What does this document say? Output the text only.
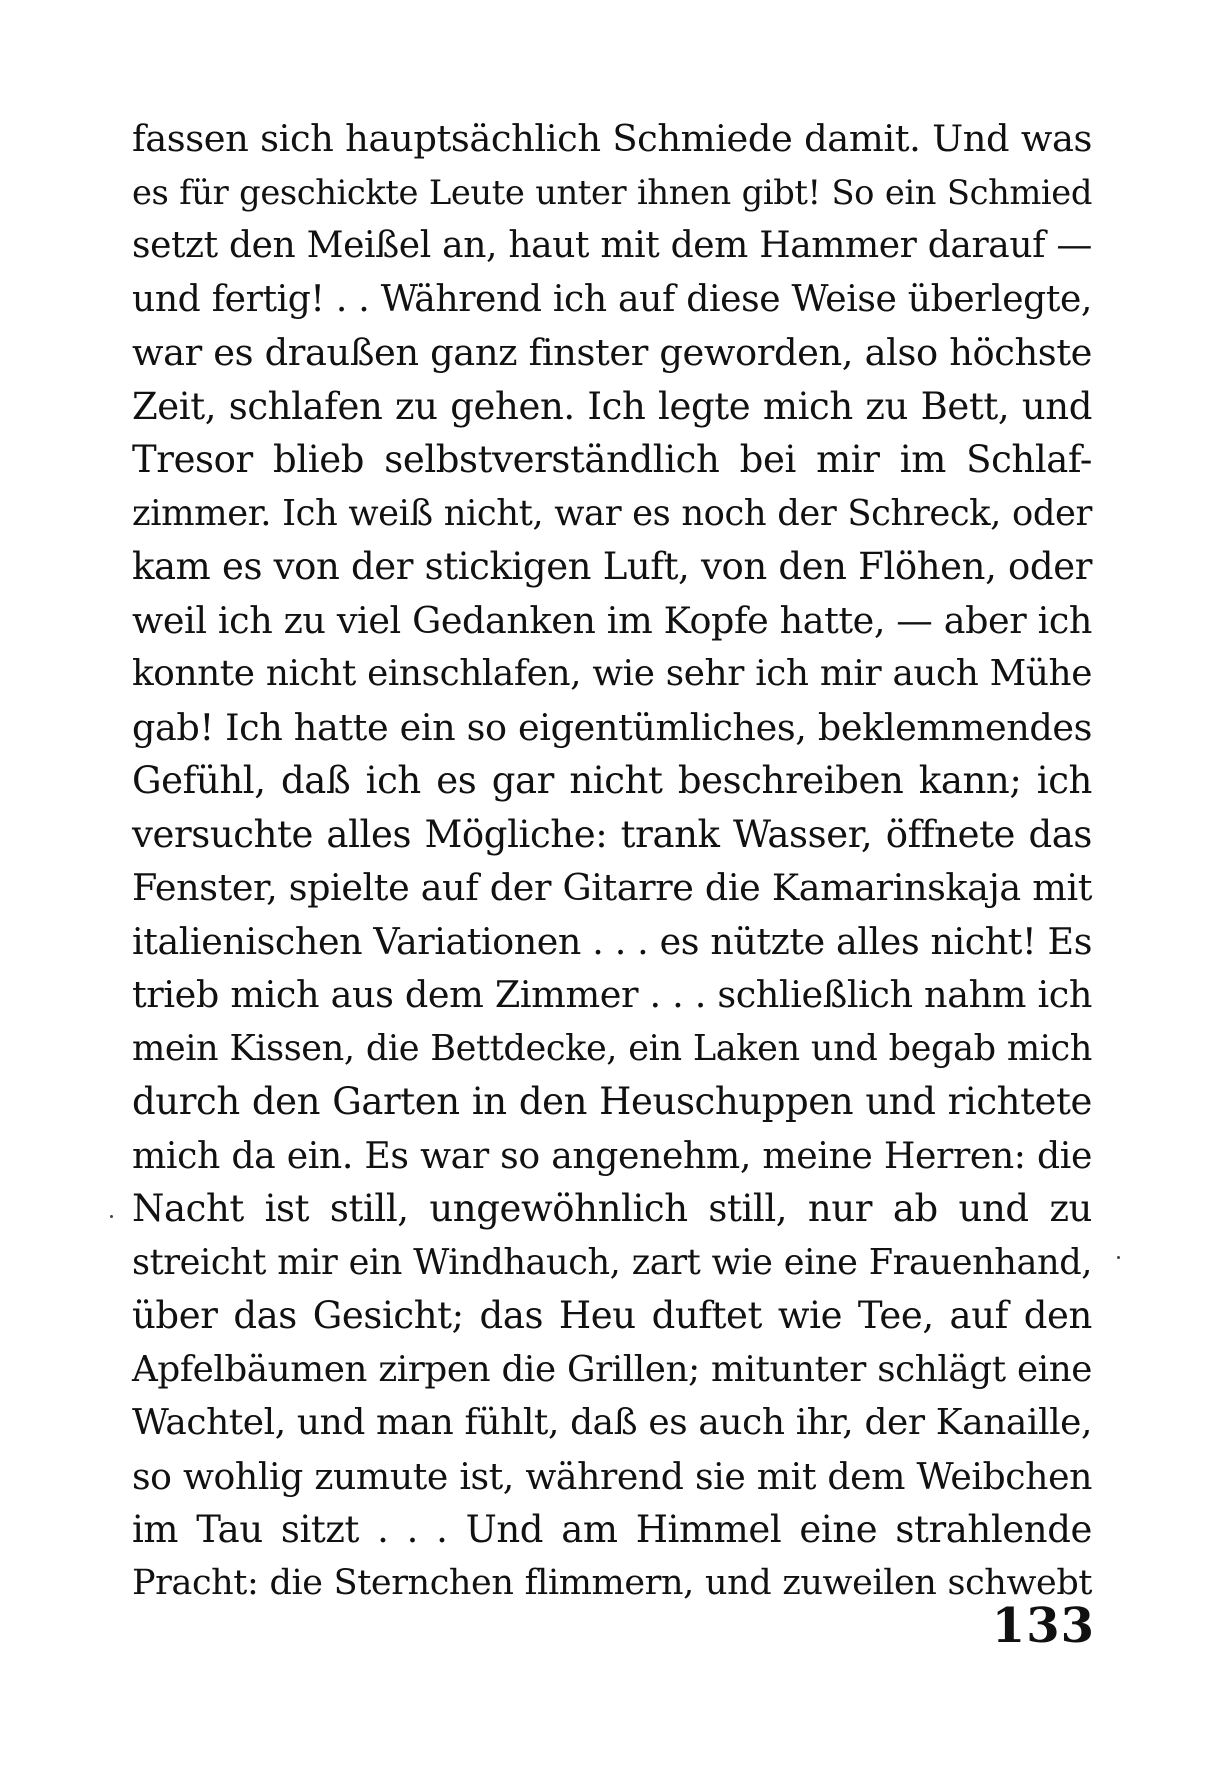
fassen sich hauptsächlich Schmiede damit. Und was
es für geschickte Leute unter ihnen gibt! So ein Schmied
setzt den Meißel an, haut mit dem Hammer darauf —
und fertig! . . Während ich auf diese Weise überlegte,
war es draußen ganz finster geworden, also höchste
Zeit, schlafen zu gehen. Ich legte mich zu Bett, und
Tresor blieb selbstverständlich bei mir im Schlaf-
zimmer. Ich weiß nicht, war es noch der Schreck, oder
kam es von der stickigen Luft, von den Flöhen, oder
weil ich zu viel Gedanken im Kopfe hatte, — aber ich
konnte nicht einschlafen, wie sehr ich mir auch Mühe
gab! Ich hatte ein so eigentümliches, beklemmendes
Gefühl, daß ich es gar nicht beschreiben kann; ich
versuchte alles Mögliche: trank Wasser, öffnete das
Fenster, spielte auf der Gitarre die Kamarinskaja mit
italienischen Variationen . . . es nützte alles nicht! Es
trieb mich aus dem Zimmer . . . schließlich nahm ich
mein Kissen, die Bettdecke, ein Laken und begab mich
durch den Garten in den Heuschuppen und richtete
mich da ein. Es war so angenehm, meine Herren: die
Nacht ist still, ungewöhnlich still, nur ab und zu
streicht mir ein Windhauch, zart wie eine Frauenhand,
über das Gesicht; das Heu duftet wie Tee, auf den
Apfelbäumen zirpen die Grillen; mitunter schlägt eine
Wachtel, und man fühlt, daß es auch ihr, der Kanaille,
so wohlig zumute ist, während sie mit dem Weibchen
im Tau sitzt . . . Und am Himmel eine strahlende
Pracht: die Sternchen flimmern, und zuweilen schwebt
133
